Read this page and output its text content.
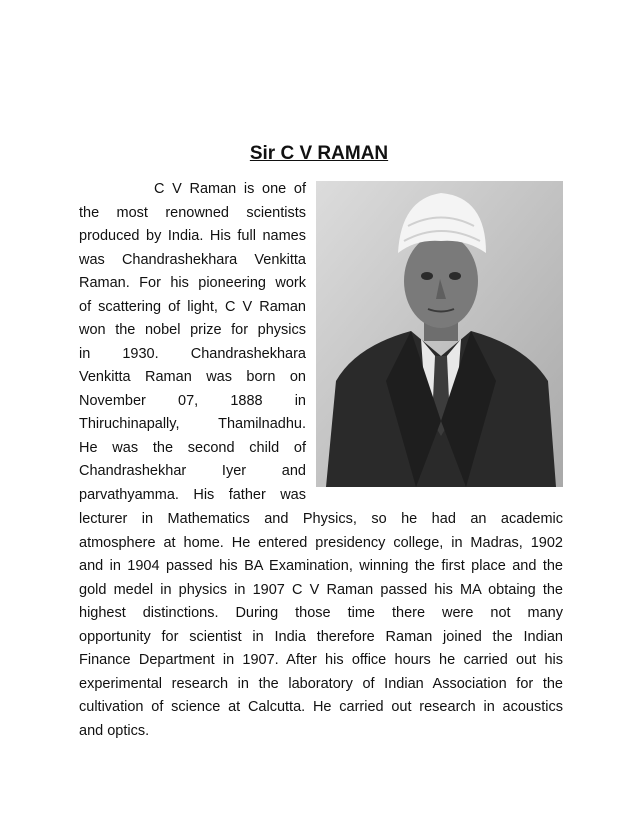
Sir C V RAMAN
C V Raman is one of
the most renowned scientists
produced by India. His full names
was Chandrashekhara Venkitta
Raman. For his pioneering work
of scattering of light, C V Raman
won the nobel prize for physics
in 1930. Chandrashekhara
Venkitta Raman was born on
November 07, 1888 in
Thiruchinapally, Thamilnadhu.
He was the second child of
Chandrashekhar Iyer and
parvathyamma. His father was
lecturer in Mathematics and Physics, so he had an academic
atmosphere at home. He entered presidency college, in Madras, 1902
and in 1904 passed his BA Examination, winning the first place and the
gold medel in physics in 1907 C V Raman passed his MA obtaing the
highest distinctions. During those time there were not many
opportunity for scientist in India therefore Raman joined the Indian
Finance Department in 1907. After his office hours he carried out his
experimental research in the laboratory of Indian Association for the
cultivation of science at Calcutta. He carried out research in acoustics
and optics.
